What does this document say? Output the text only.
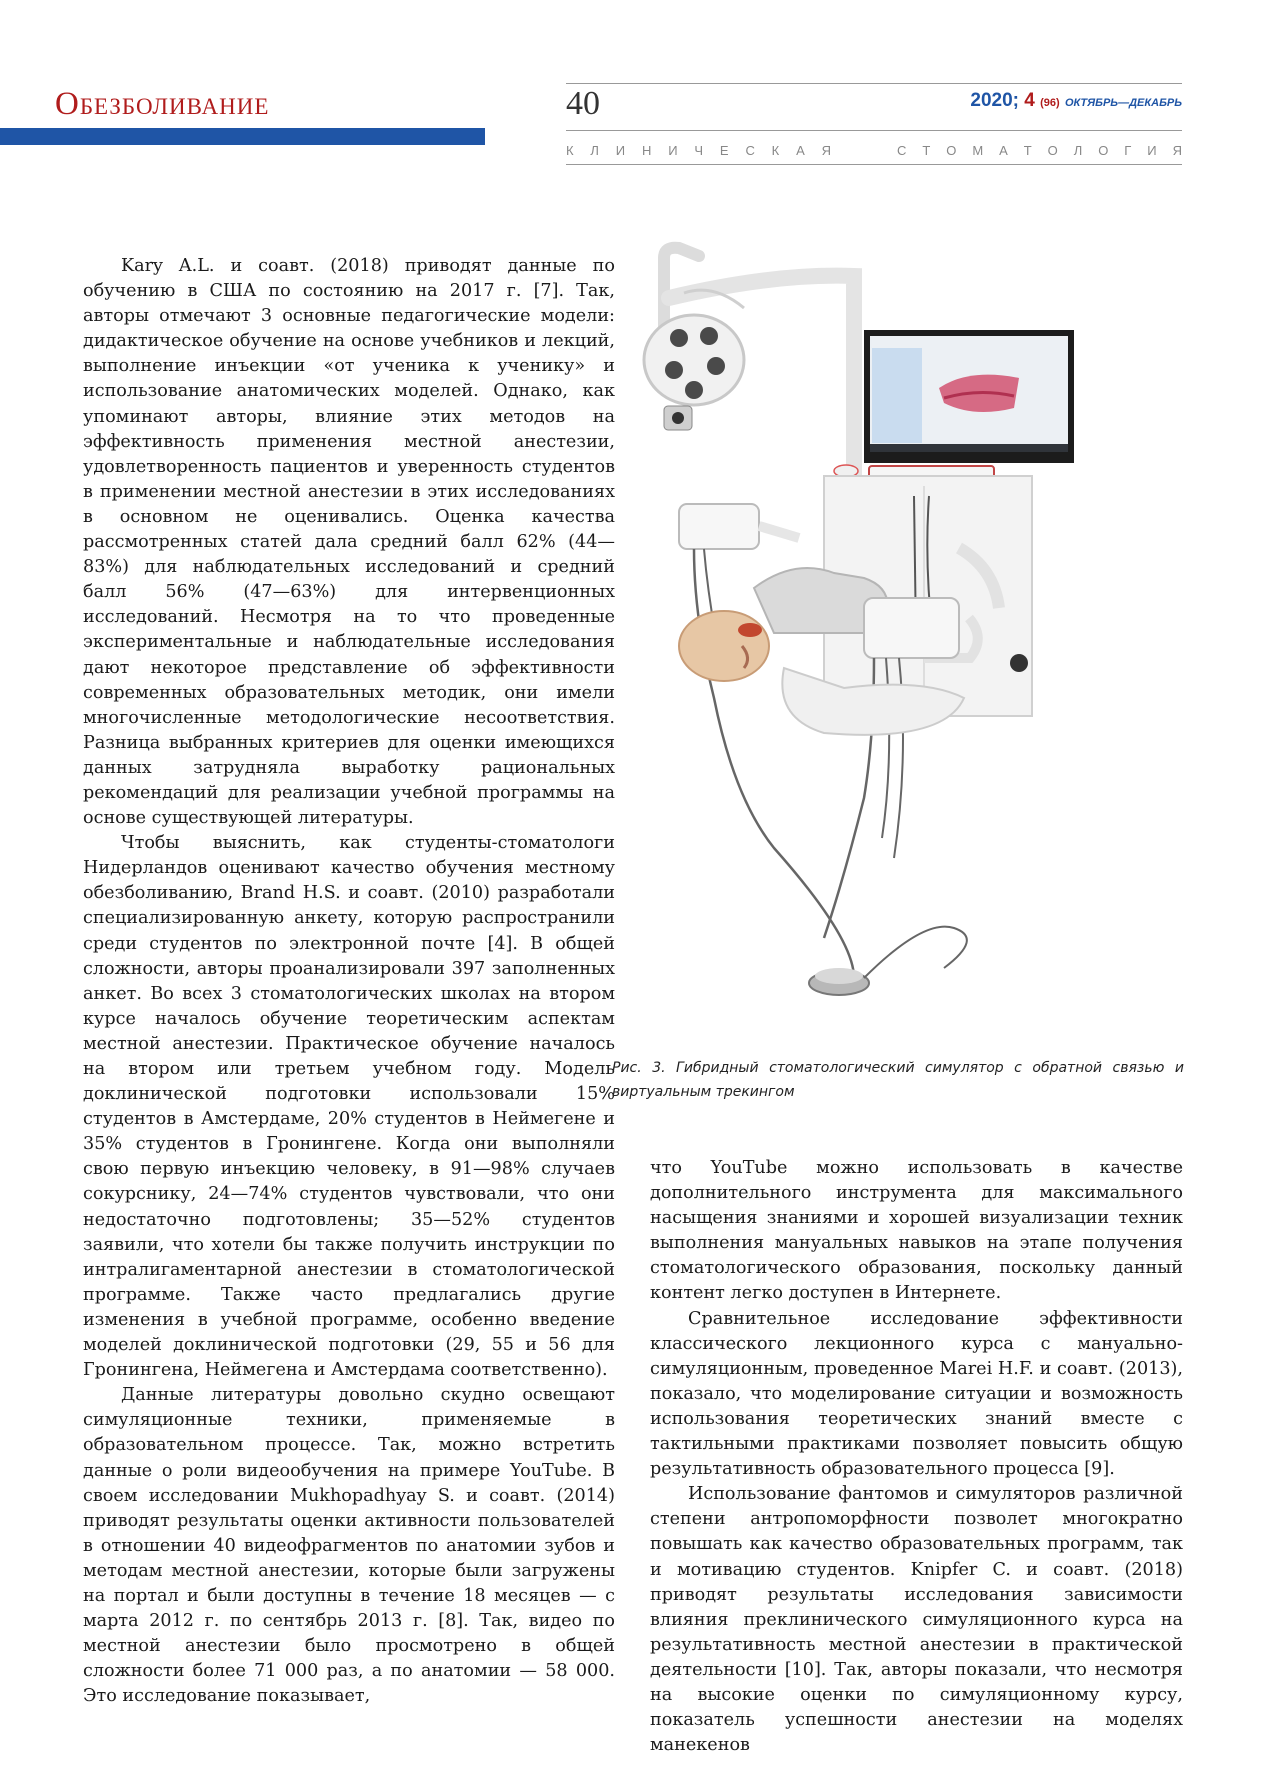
Обезболивание	40	2020; 4 (96) ОКТЯБРЬ—ДЕКАБРЬ
К Л И Н И Ч Е С К А Я	С Т О М А Т О Л О Г И Я

Kary A.L. и соавт. (2018) приводят данные по обучению в США по состоянию на 2017 г. [7]. Так, авторы отмечают 3 основные педагогические модели: дидактическое обучение на основе учебников и лекций, выполнение инъекции «от ученика к ученику» и использование анатомических моделей. Однако, как упоминают авторы, влияние этих методов на эффективность применения местной анестезии, удовлетворенность пациентов и уверенность студентов в применении местной анестезии в этих исследованиях в основном не оценивались. Оценка качества рассмотренных статей дала средний балл 62% (44—83%) для наблюдательных исследований и средний балл 56% (47—63%) для интервенционных исследований. Несмотря на то что проведенные экспериментальные и наблюдательные исследования дают некоторое представление об эффективности современных образовательных методик, они имели многочисленные методологические несоответствия. Разница выбранных критериев для оценки имеющихся данных затрудняла выработку рациональных рекомендаций для реализации учебной программы на основе существующей литературы.

Чтобы выяснить, как студенты-стоматологи Нидерландов оценивают качество обучения местному обезболиванию, Brand H.S. и соавт. (2010) разработали специализированную анкету, которую распространили среди студентов по электронной почте [4]. В общей сложности, авторы проанализировали 397 заполненных анкет. Во всех 3 стоматологических школах на втором курсе началось обучение теоретическим аспектам местной анестезии. Практическое обучение началось на втором или третьем учебном году. Модель доклинической подготовки использовали 15% студентов в Амстердаме, 20% студентов в Неймегене и 35% студентов в Гронингене. Когда они выполняли свою первую инъекцию человеку, в 91—98% случаев сокурснику, 24—74% студентов чувствовали, что они недостаточно подготовлены; 35—52% студентов заявили, что хотели бы также получить инструкции по интралигаментарной анестезии в стоматологической программе. Также часто предлагались другие изменения в учебной программе, особенно введение моделей доклинической подготовки (29, 55 и 56 для Гронингена, Неймегена и Амстердама соответственно).

Данные литературы довольно скудно освещают симуляционные техники, применяемые в образовательном процессе. Так, можно встретить данные о роли видеообучения на примере YouTube. В своем исследовании Mukhopadhyay S. и соавт. (2014) приводят результаты оценки активности пользователей в отношении 40 видеофрагментов по анатомии зубов и методам местной анестезии, которые были загружены на портал и были доступны в течение 18 месяцев — с марта 2012 г. по сентябрь 2013 г. [8]. Так, видео по местной анестезии было просмотрено в общей сложности более 71 000 раз, а по анатомии — 58 000. Это исследование показывает,

Рис. 3. Гибридный стоматологический симулятор с обратной связью и виртуальным трекингом

что YouTube можно использовать в качестве дополнительного инструмента для максимального насыщения знаниями и хорошей визуализации техник выполнения мануальных навыков на этапе получения стоматологического образования, поскольку данный контент легко доступен в Интернете.

Сравнительное исследование эффективности классического лекционного курса с мануально-симуляционным, проведенное Marei H.F. и соавт. (2013), показало, что моделирование ситуации и возможность использования теоретических знаний вместе с тактильными практиками позволяет повысить общую результативность образовательного процесса [9].

Использование фантомов и симуляторов различной степени антропоморфности позволет многократно повышать как качество образовательных программ, так и мотивацию студентов. Knipfer C. и соавт. (2018) приводят результаты исследования зависимости влияния преклинического симуляционного курса на результативность местной анестезии в практической деятельности [10]. Так, авторы показали, что несмотря на высокие оценки по симуляционному курсу, показатель успешности анестезии на моделях манекенов
